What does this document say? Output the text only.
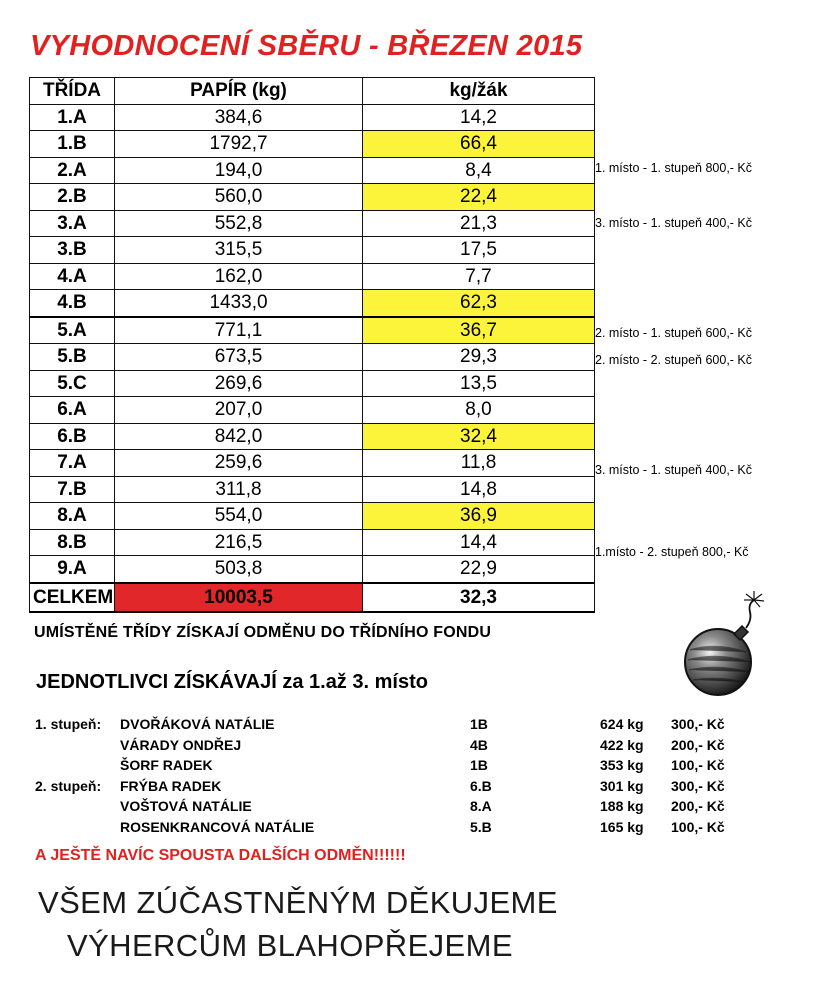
VYHODNOCENÍ SBĚRU - BŘEZEN 2015
TŘÍDA	PAPÍR (kg)	kg/žák
1.A	384,6	14,2
1.B	1792,7	66,4
2.A	194,0	8,4
2.B	560,0	22,4
3.A	552,8	21,3
3.B	315,5	17,5
4.A	162,0	7,7
4.B	1433,0	62,3
5.A	771,1	36,7
5.B	673,5	29,3
5.C	269,6	13,5
6.A	207,0	8,0
6.B	842,0	32,4
7.A	259,6	11,8
7.B	311,8	14,8
8.A	554,0	36,9
8.B	216,5	14,4
9.A	503,8	22,9
CELKEM	10003,5	32,3
1. místo - 1. stupeň 800,- Kč
3. místo - 1. stupeň 400,- Kč
2. místo - 1. stupeň 600,- Kč
2. místo - 2. stupeň 600,- Kč
3. místo - 1. stupeň 400,- Kč
1.místo - 2. stupeň 800,- Kč

UMÍSTĚNÉ TŘÍDY ZÍSKAJÍ ODMĚNU DO TŘÍDNÍHO FONDU

JEDNOTLIVCI ZÍSKÁVAJÍ za 1.až 3. místo
1. stupeň: DVOŘÁKOVÁ NATÁLIE	1B	624 kg 300,- Kč
VÁRADY ONDŘEJ	4B	422 kg 200,- Kč
ŠORF RADEK	1B	353 kg 100,- Kč
2. stupeň: FRÝBA RADEK	6.B	301 kg 300,- Kč
VOŠTOVÁ NATÁLIE	8.A	188 kg 200,- Kč
ROSENKRANCOVÁ NATÁLIE	5.B	165 kg 100,- Kč

A JEŠTĚ NAVÍC SPOUSTA DALŠÍCH ODMĚN!!!!!!

VŠEM ZÚČASTNĚNÝM DĚKUJEME

VÝHERCŮM BLAHOPŘEJEME
